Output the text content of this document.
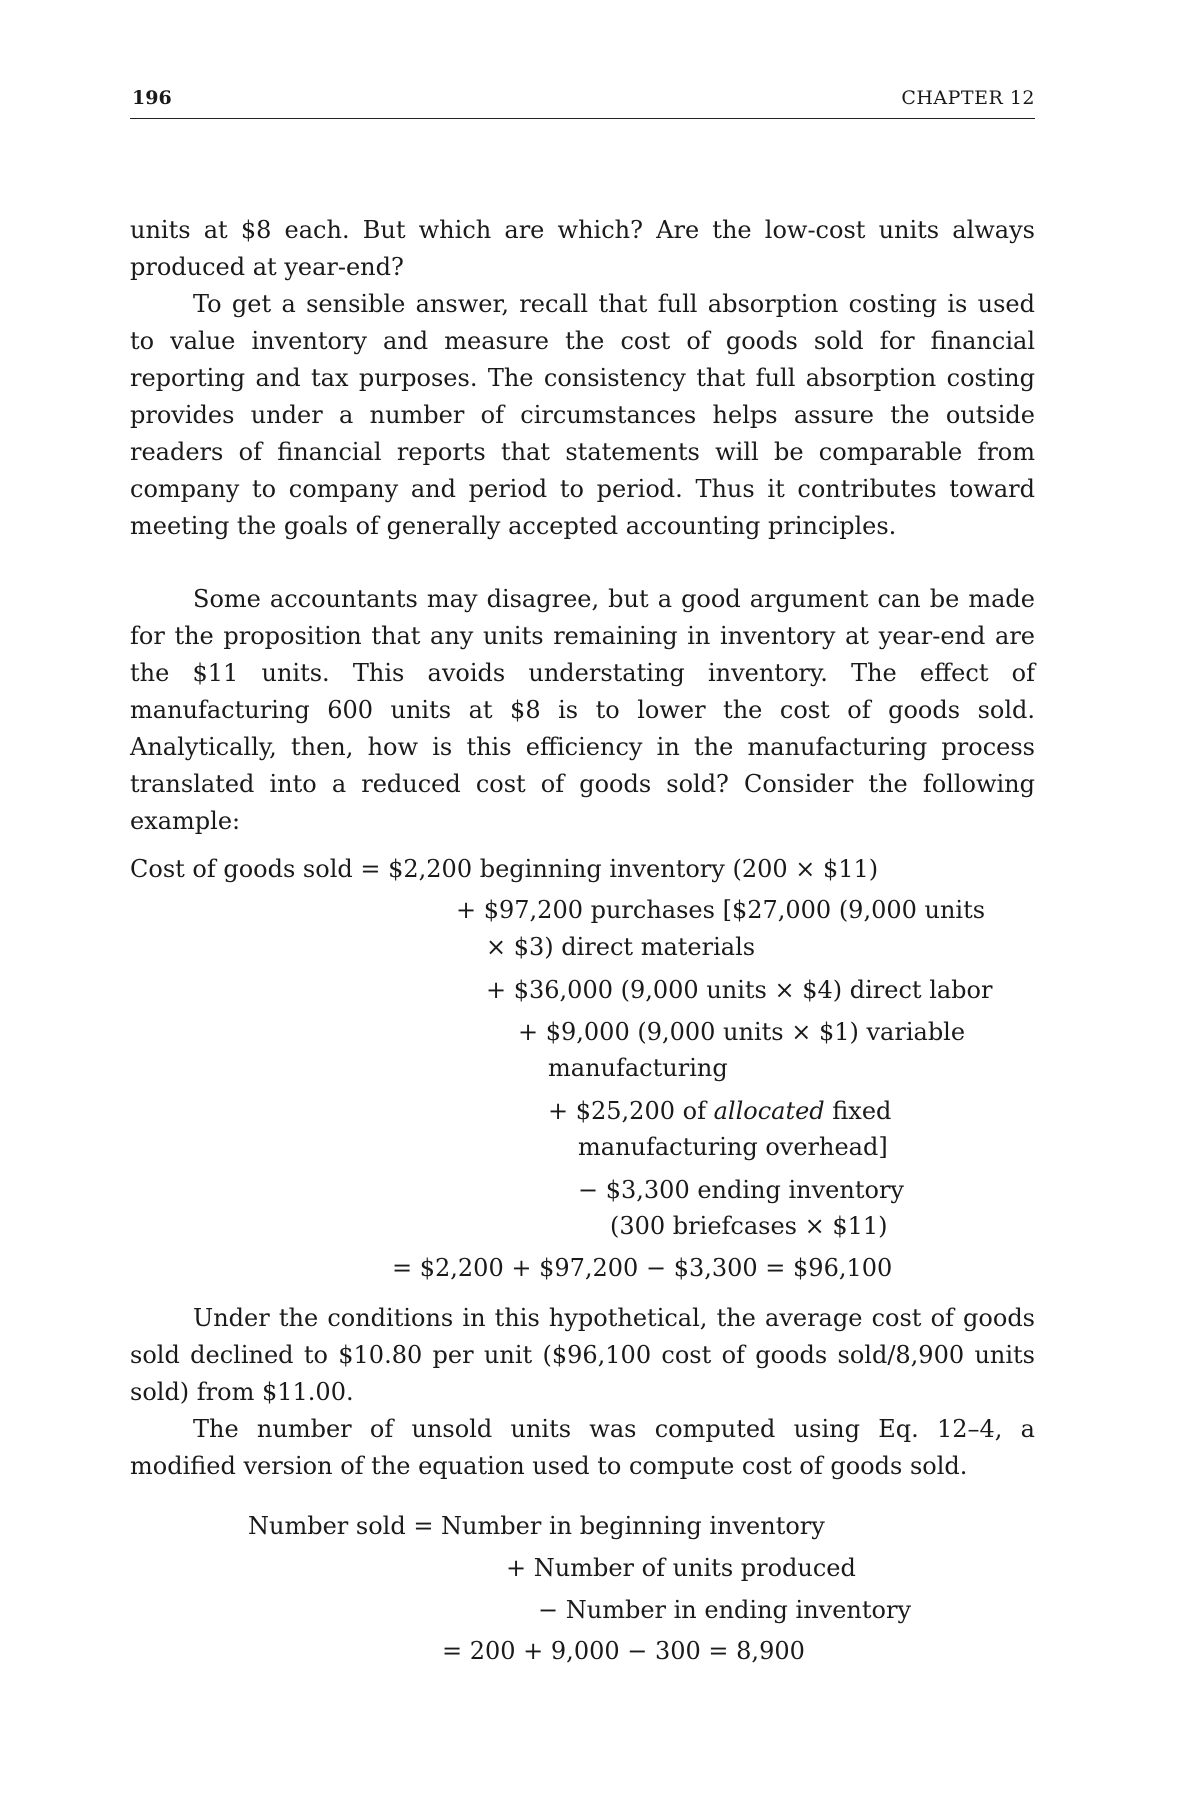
196	CHAPTER 12

units at $8 each. But which are which? Are the low-cost units always produced at year-end?

To get a sensible answer, recall that full absorption costing is used to value inventory and measure the cost of goods sold for financial reporting and tax purposes. The consistency that full absorption costing provides under a number of circumstances helps assure the outside readers of financial reports that statements will be comparable from company to company and period to period. Thus it contributes toward meeting the goals of generally accepted accounting principles.

Some accountants may disagree, but a good argument can be made for the proposition that any units remaining in inventory at year-end are the $11 units. This avoids understating inventory. The effect of manufacturing 600 units at $8 is to lower the cost of goods sold. Analytically, then, how is this efficiency in the manufacturing process translated into a reduced cost of goods sold? Consider the following example:

Cost of goods sold = $2,200 beginning inventory (200 × $11)
+ $97,200 purchases [$27,000 (9,000 units
× $3) direct materials
+ $36,000 (9,000 units × $4) direct labor
+ $9,000 (9,000 units × $1) variable
manufacturing
+ $25,200 of allocated fixed
manufacturing overhead]
− $3,300 ending inventory
(300 briefcases × $11)
= $2,200 + $97,200 − $3,300 = $96,100

Under the conditions in this hypothetical, the average cost of goods sold declined to $10.80 per unit ($96,100 cost of goods sold/8,900 units sold) from $11.00.

The number of unsold units was computed using Eq. 12–4, a modified version of the equation used to compute cost of goods sold.

Number sold = Number in beginning inventory
+ Number of units produced
− Number in ending inventory
= 200 + 9,000 − 300 = 8,900
